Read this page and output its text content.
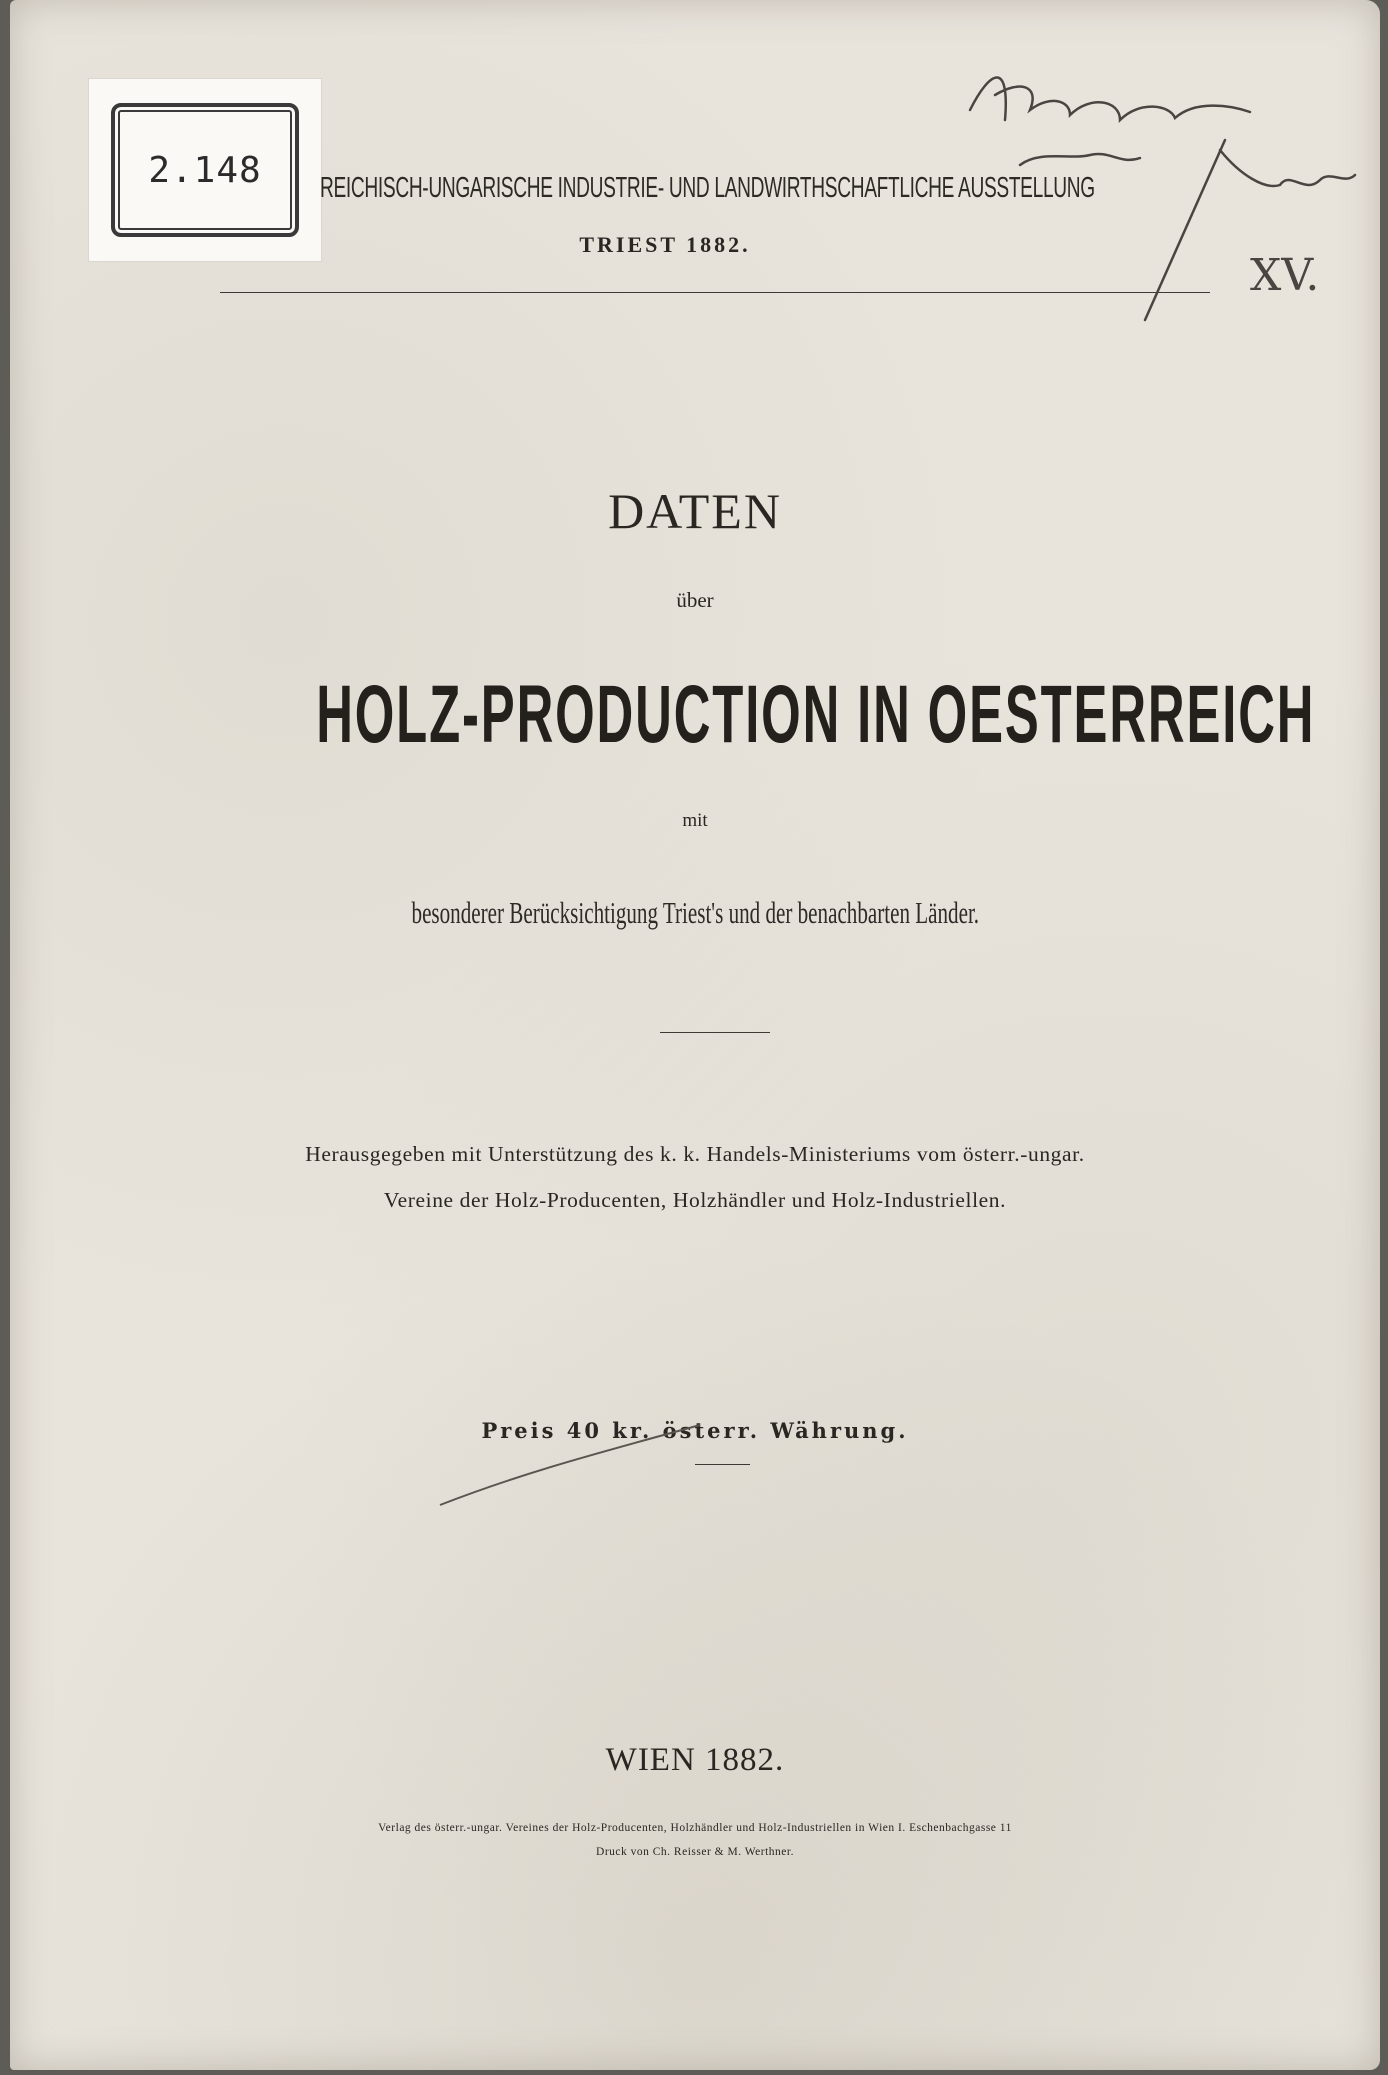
2.148 REICHISCH-UNGARISCHE INDUSTRIE- UND LANDWIRTHSCHAFTLICHE AUSSTELLUNG
TRIEST 1882.
DATEN
über
HOLZ-PRODUCTION IN OESTERREICH
mit
besonderer Berücksichtigung Triest's und der benachbarten Länder.
Herausgegeben mit Unterstützung des k. k. Handels-Ministeriums vom österr.-ungar.
Vereine der Holz-Producenten, Holzhändler und Holz-Industriellen.
Preis 40 kr. österr. Währung.
WIEN 1882.
Verlag des österr.-ungar. Vereines der Holz-Producenten, Holzhändler und Holz-Industriellen in Wien I. Eschenbachgasse 11
Druck von Ch. Reisser & M. Werthner.
XV.
Bukow
